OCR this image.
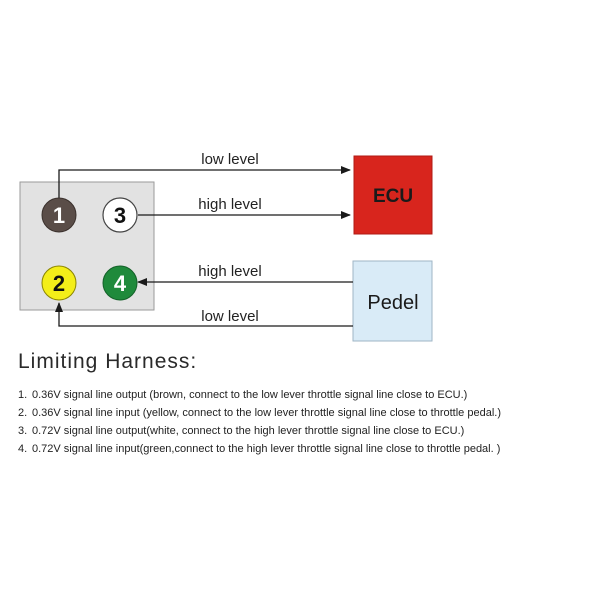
ECU
Pedel
low level
high level
high level
low level
1 3
2 4
Limiting Harness:
1. 0.36V signal line output (brown, connect to the low lever throttle signal line close to ECU.)
2. 0.36V signal line input (yellow, connect to the low lever throttle signal line close to throttle pedal.)
3. 0.72V signal line output(white, connect to the high lever throttle signal line close to ECU.)
4. 0.72V signal line input(green,connect to the high lever throttle signal line close to throttle pedal. )
